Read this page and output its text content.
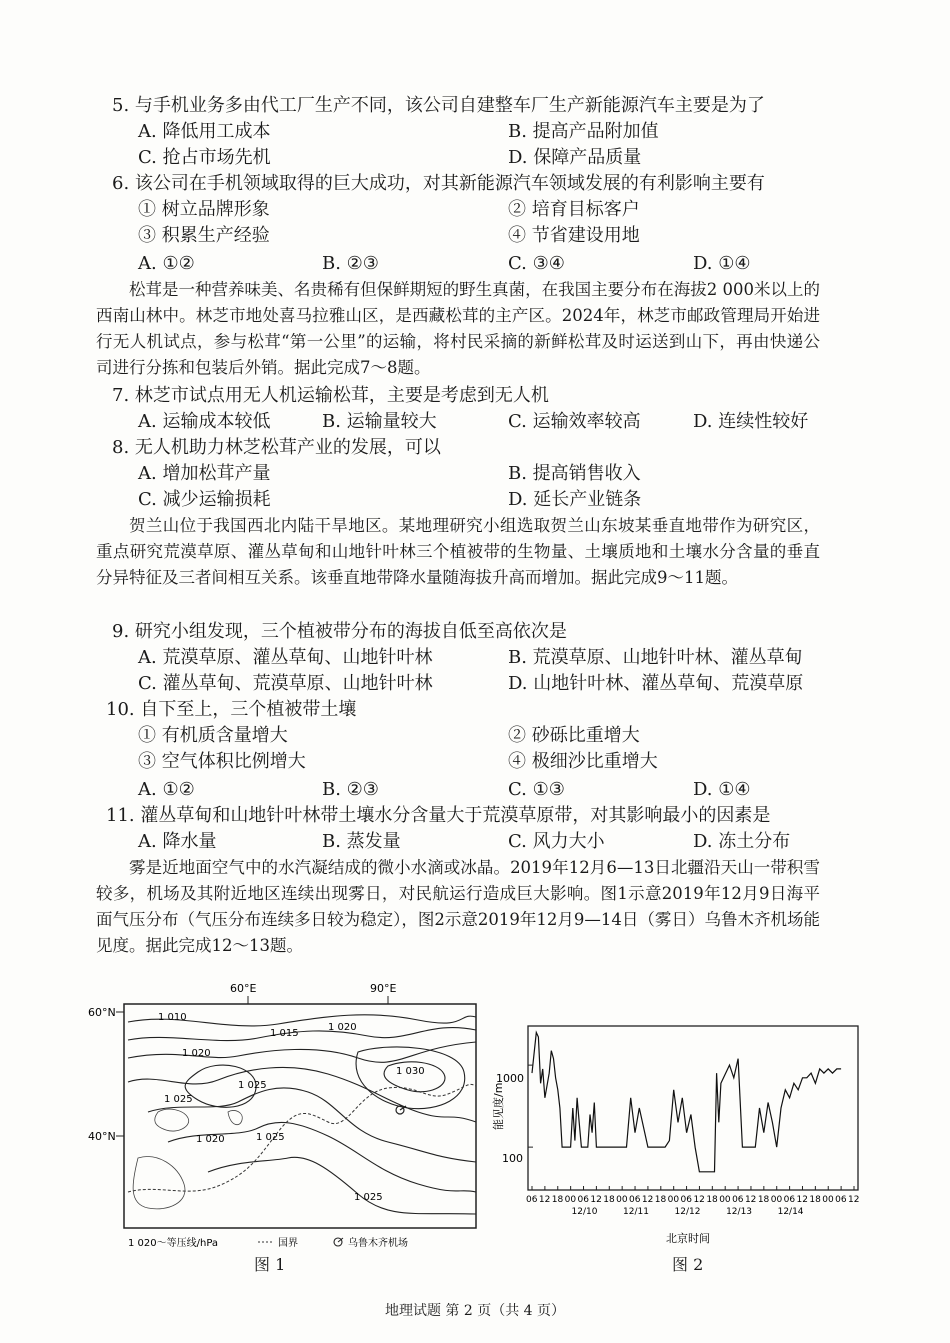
5. 与手机业务多由代工厂生产不同，该公司自建整车厂生产新能源汽车主要是为了
A. 降低用工成本	B. 提高产品附加值
C. 抢占市场先机	D. 保障产品质量
6. 该公司在手机领域取得的巨大成功，对其新能源汽车领域发展的有利影响主要有
① 树立品牌形象	② 培育目标客户
③ 积累生产经验	④ 节省建设用地
A. ①②	B. ②③	C. ③④	D. ①④
松茸是一种营养味美、名贵稀有但保鲜期短的野生真菌，在我国主要分布在海拔2 000米以上的西南山林中。林芝市地处喜马拉雅山区，是西藏松茸的主产区。2024年，林芝市邮政管理局开始进行无人机试点，参与松茸“第一公里”的运输，将村民采摘的新鲜松茸及时运送到山下，再由快递公司进行分拣和包装后外销。据此完成7～8题。
7. 林芝市试点用无人机运输松茸，主要是考虑到无人机
A. 运输成本较低	B. 运输量较大	C. 运输效率较高	D. 连续性较好
8. 无人机助力林芝松茸产业的发展，可以
A. 增加松茸产量	B. 提高销售收入
C. 减少运输损耗	D. 延长产业链条
贺兰山位于我国西北内陆干旱地区。某地理研究小组选取贺兰山东坡某垂直地带作为研究区，重点研究荒漠草原、灌丛草甸和山地针叶林三个植被带的生物量、土壤质地和土壤水分含量的垂直分异特征及三者间相互关系。该垂直地带降水量随海拔升高而增加。据此完成9～11题。
9. 研究小组发现，三个植被带分布的海拔自低至高依次是
A. 荒漠草原、灌丛草甸、山地针叶林	B. 荒漠草原、山地针叶林、灌丛草甸
C. 灌丛草甸、荒漠草原、山地针叶林	D. 山地针叶林、灌丛草甸、荒漠草原
10. 自下至上，三个植被带土壤
① 有机质含量增大	② 砂砾比重增大
③ 空气体积比例增大	④ 极细沙比重增大
A. ①②	B. ②③	C. ①③	D. ①④
11. 灌丛草甸和山地针叶林带土壤水分含量大于荒漠草原带，对其影响最小的因素是
A. 降水量	B. 蒸发量	C. 风力大小	D. 冻土分布
雾是近地面空气中的水汽凝结成的微小水滴或冰晶。2019年12月6—13日北疆沿天山一带积雪较多，机场及其附近地区连续出现雾日，对民航运行造成巨大影响。图1示意2019年12月9日海平面气压分布（气压分布连续多日较为稳定），图2示意2019年12月9—14日（雾日）乌鲁木齐机场能见度。据此完成12～13题。
60°E	90°E
60°N
40°N
1 010
1 015
1 020
1 020
1 025
1 030
1 025
1 020	1 025
1 025
1 020～等压线/hPa	国界	乌鲁木齐机场
图 1
能见度/m
1000
100
06 12 18 00 06 12 18 00 06 12 18 00 06 12 18 00 06 12 18 00 06 12 18 00 06 12
12/10	12/11	12/12	12/13	12/14
北京时间
图 2
地理试题 第 2 页（共 4 页）
